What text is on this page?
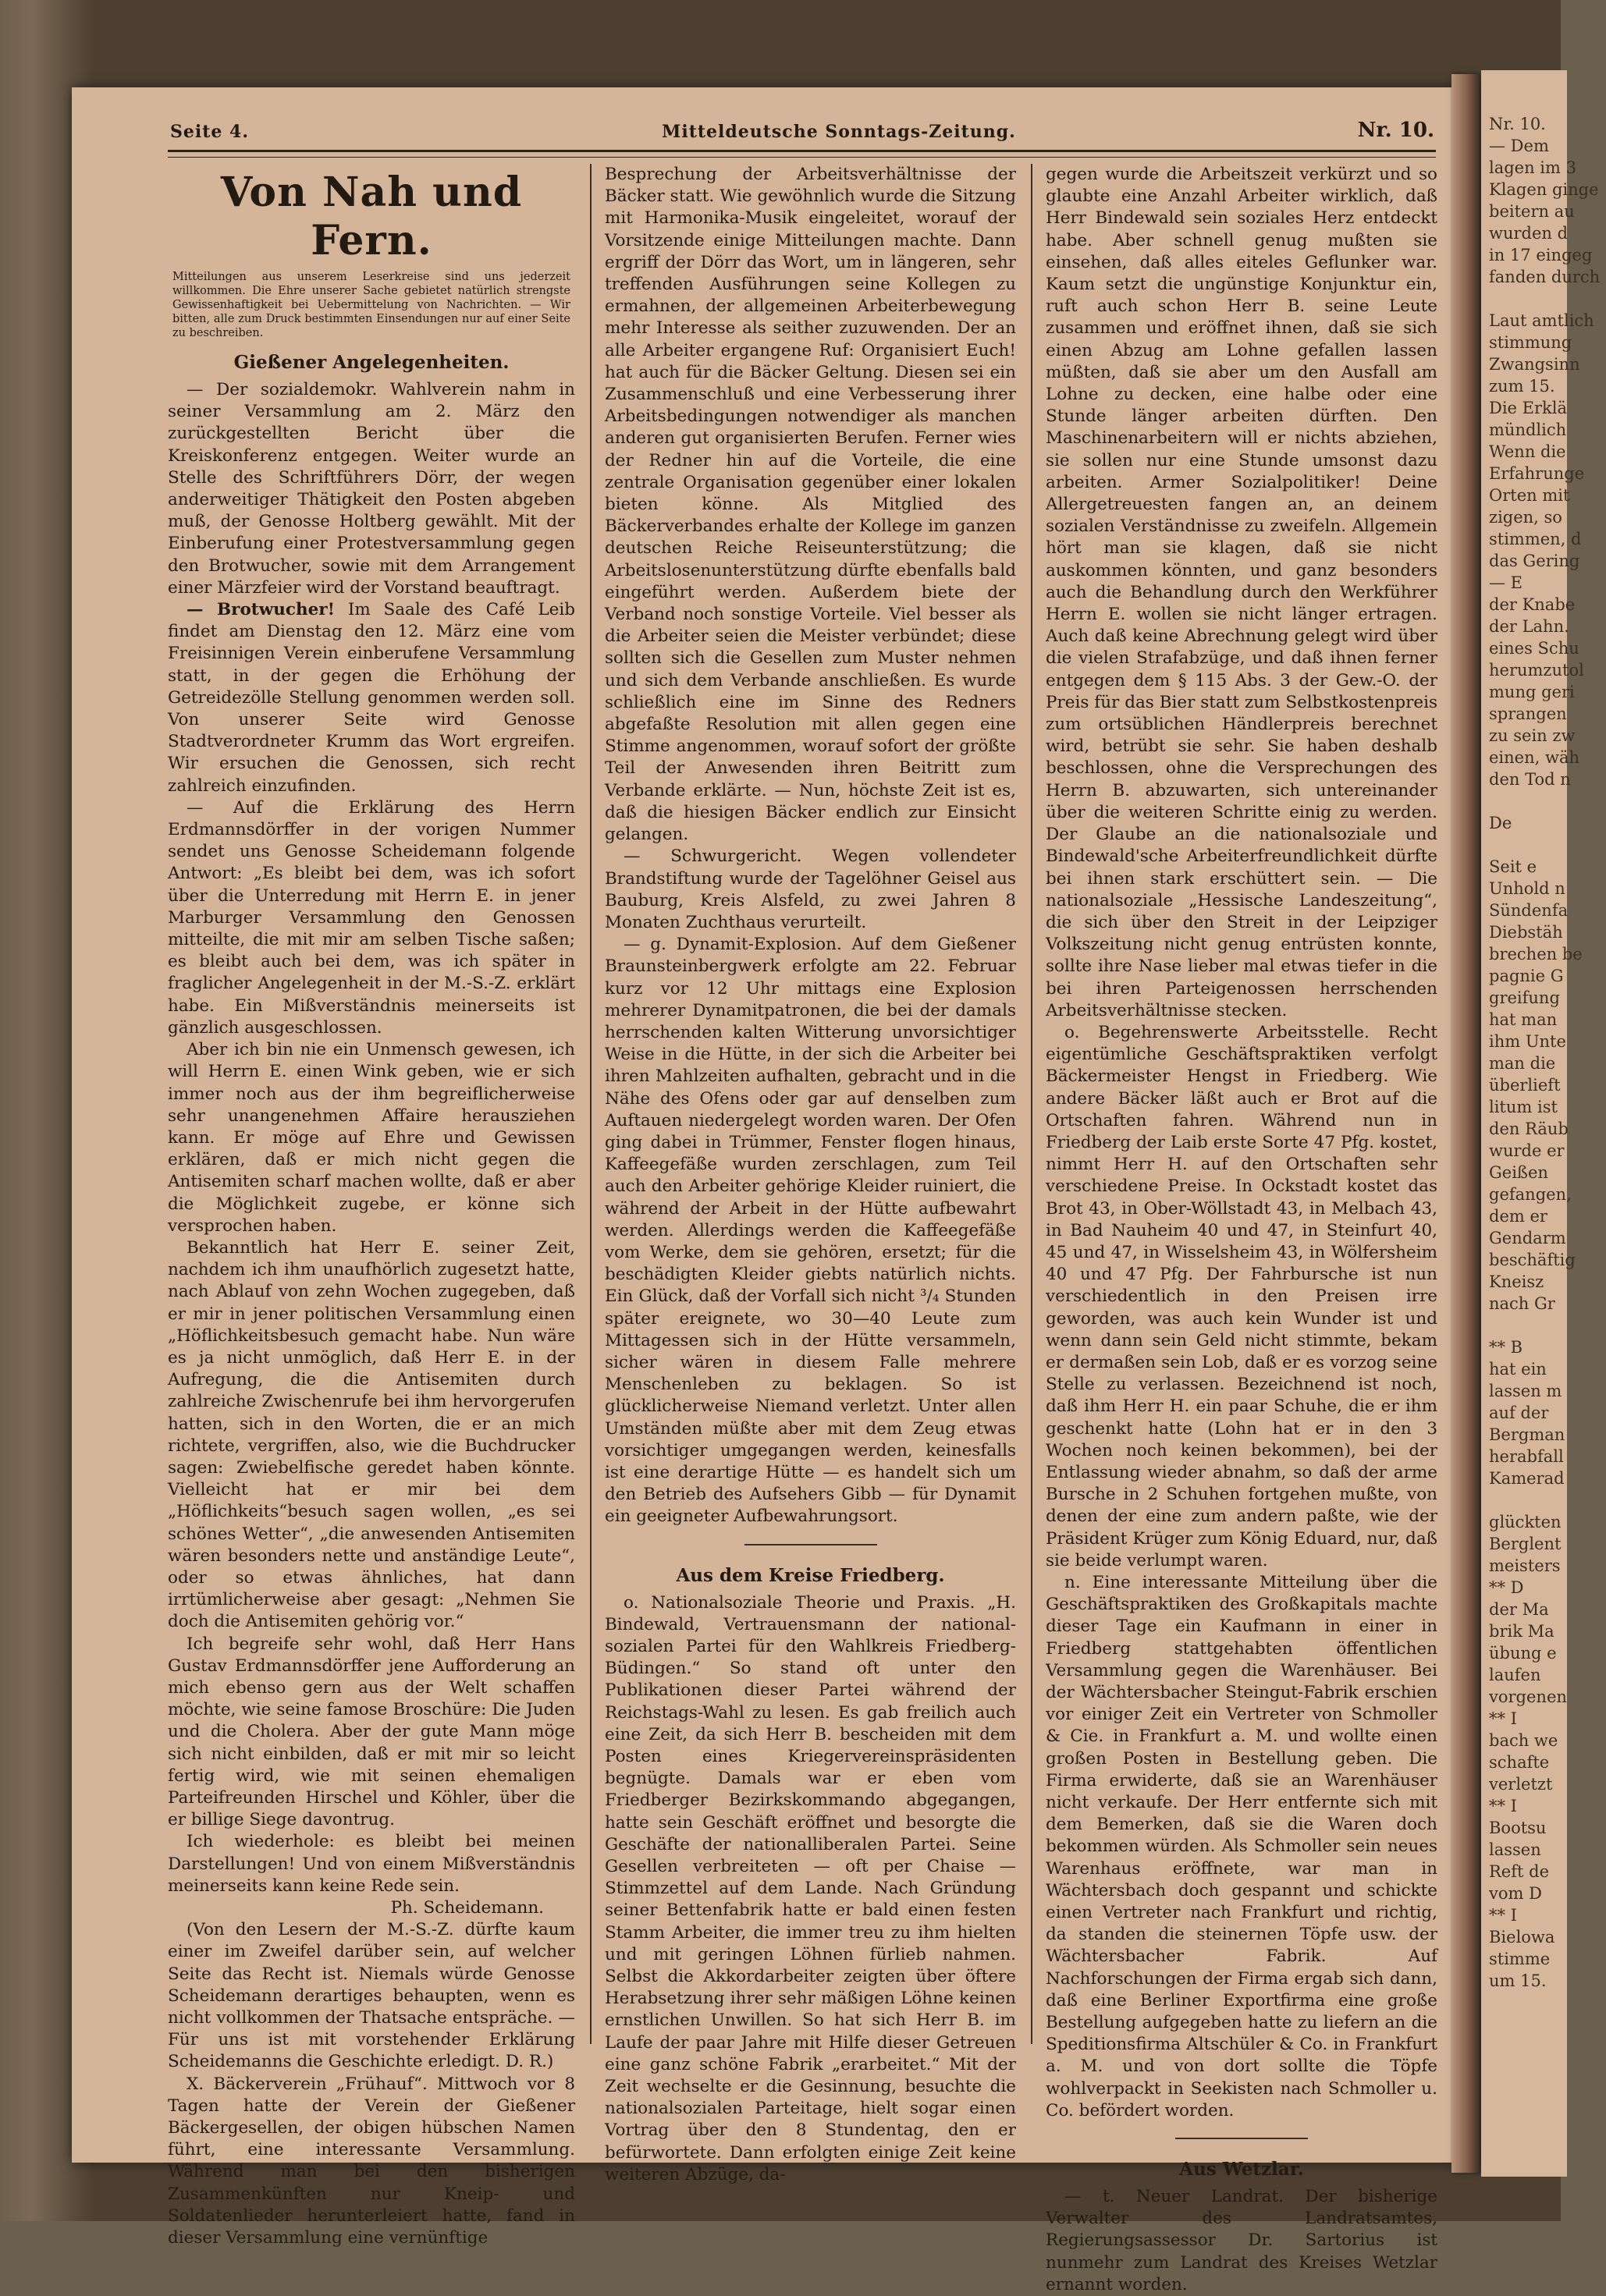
Nr. 10.
— Dem
lagen im 3
Klagen ginge
beitern au
wurden d
in 17 eingeg
fanden durch

Laut amtlich
stimmung
Zwangsinn
zum 15.
Die Erklä
mündlich
Wenn die
Erfahrunge
Orten mit
zigen, so
stimmen, d
das Gering
— E
der Knabe
der Lahn.
eines Schu
herumzutol
mung geri
sprangen
zu sein zw
einen, wäh
den Tod n

De

Seit e
Unhold n
Sündenfa
Diebstäh
brechen be
pagnie G
greifung
hat man
ihm Unte
man die
überlieft
litum ist
den Räub
wurde er
Geißen
gefangen,
dem er
Gendarm
beschäftig
Kneisz
nach Gr

** B
hat ein
lassen m
auf der
Bergman
herabfall
Kamerad

glückten
Berglent
meisters
** D
der Ma
brik Ma
übung e
laufen
vorgenen
** I
bach we
schafte
verletzt
** I
Bootsu
lassen
Reft de
vom D
** I
Bielowa
stimme
um 15.
Seite 4.	Mitteldeutsche Sonntags-Zeitung.	Nr. 10.
Von Nah und Fern.
Mitteilungen aus unserem Leserkreise sind uns jederzeit willkommen. Die Ehre unserer Sache gebietet natürlich strengste Gewissenhaftigkeit bei Uebermittelung von Nachrichten. — Wir bitten, alle zum Druck bestimmten Einsendungen nur auf einer Seite zu beschreiben.
Gießener Angelegenheiten.

— Der sozialdemokr. Wahlverein nahm in seiner Versammlung am 2. März den zurückgestellten Bericht über die Kreiskonferenz entgegen. Weiter wurde an Stelle des Schriftführers Dörr, der wegen anderweitiger Thätigkeit den Posten abgeben muß, der Genosse Holtberg gewählt. Mit der Einberufung einer Protestversammlung gegen den Brotwucher, sowie mit dem Arrangement einer Märzfeier wird der Vorstand beauftragt.

— Brotwucher! Im Saale des Café Leib findet am Dienstag den 12. März eine vom Freisinnigen Verein einberufene Versammlung statt, in der gegen die Erhöhung der Getreidezölle Stellung genommen werden soll. Von unserer Seite wird Genosse Stadtverordneter Krumm das Wort ergreifen. Wir ersuchen die Genossen, sich recht zahlreich einzufinden.

— Auf die Erklärung des Herrn Erdmannsdörffer in der vorigen Nummer sendet uns Genosse Scheidemann folgende Antwort: „Es bleibt bei dem, was ich sofort über die Unterredung mit Herrn E. in jener Marburger Versammlung den Genossen mitteilte, die mit mir am selben Tische saßen; es bleibt auch bei dem, was ich später in fraglicher Angelegenheit in der M.-S.-Z. erklärt habe. Ein Mißverständnis meinerseits ist gänzlich ausgeschlossen.

Aber ich bin nie ein Unmensch gewesen, ich will Herrn E. einen Wink geben, wie er sich immer noch aus der ihm begreiflicherweise sehr unangenehmen Affaire herausziehen kann. Er möge auf Ehre und Gewissen erklären, daß er mich nicht gegen die Antisemiten scharf machen wollte, daß er aber die Möglichkeit zugebe, er könne sich versprochen haben.

Bekanntlich hat Herr E. seiner Zeit, nachdem ich ihm unaufhörlich zugesetzt hatte, nach Ablauf von zehn Wochen zugegeben, daß er mir in jener politischen Versammlung einen „Höflichkeitsbesuch gemacht habe. Nun wäre es ja nicht unmöglich, daß Herr E. in der Aufregung, die die Antisemiten durch zahlreiche Zwischenrufe bei ihm hervorgerufen hatten, sich in den Worten, die er an mich richtete, vergriffen, also, wie die Buchdrucker sagen: Zwiebelfische geredet haben könnte. Vielleicht hat er mir bei dem „Höflichkeits“besuch sagen wollen, „es sei schönes Wetter“, „die anwesenden Antisemiten wären besonders nette und anständige Leute“, oder so etwas ähnliches, hat dann irrtümlicherweise aber gesagt: „Nehmen Sie doch die Antisemiten gehörig vor.“

Ich begreife sehr wohl, daß Herr Hans Gustav Erdmannsdörffer jene Aufforderung an mich ebenso gern aus der Welt schaffen möchte, wie seine famose Broschüre: Die Juden und die Cholera. Aber der gute Mann möge sich nicht einbilden, daß er mit mir so leicht fertig wird, wie mit seinen ehemaligen Parteifreunden Hirschel und Köhler, über die er billige Siege davontrug.

Ich wiederhole: es bleibt bei meinen Darstellungen! Und von einem Mißverständnis meinerseits kann keine Rede sein.

Ph. Scheidemann.

(Von den Lesern der M.-S.-Z. dürfte kaum einer im Zweifel darüber sein, auf welcher Seite das Recht ist. Niemals würde Genosse Scheidemann derartiges behaupten, wenn es nicht vollkommen der Thatsache entspräche. — Für uns ist mit vorstehender Erklärung Scheidemanns die Geschichte erledigt. D. R.)

X. Bäckerverein „Frühauf“. Mittwoch vor 8 Tagen hatte der Verein der Gießener Bäckergesellen, der obigen hübschen Namen führt, eine interessante Versammlung. Während man bei den bisherigen Zusammenkünften nur Kneip- und Soldatenlieder herunterleiert hatte, fand in dieser Versammlung eine vernünftige

Besprechung der Arbeitsverhältnisse der Bäcker statt. Wie gewöhnlich wurde die Sitzung mit Harmonika-Musik eingeleitet, worauf der Vorsitzende einige Mitteilungen machte. Dann ergriff der Dörr das Wort, um in längeren, sehr treffenden Ausführungen seine Kollegen zu ermahnen, der allgemeinen Arbeiterbewegung mehr Interesse als seither zuzuwenden. Der an alle Arbeiter ergangene Ruf: Organisiert Euch! hat auch für die Bäcker Geltung. Diesen sei ein Zusammenschluß und eine Verbesserung ihrer Arbeitsbedingungen notwendiger als manchen anderen gut organisierten Berufen. Ferner wies der Redner hin auf die Vorteile, die eine zentrale Organisation gegenüber einer lokalen bieten könne. Als Mitglied des Bäckerverbandes erhalte der Kollege im ganzen deutschen Reiche Reiseunterstützung; die Arbeitslosenunterstützung dürfte ebenfalls bald eingeführt werden. Außerdem biete der Verband noch sonstige Vorteile. Viel besser als die Arbeiter seien die Meister verbündet; diese sollten sich die Gesellen zum Muster nehmen und sich dem Verbande anschließen. Es wurde schließlich eine im Sinne des Redners abgefaßte Resolution mit allen gegen eine Stimme angenommen, worauf sofort der größte Teil der Anwesenden ihren Beitritt zum Verbande erklärte. — Nun, höchste Zeit ist es, daß die hiesigen Bäcker endlich zur Einsicht gelangen.

— Schwurgericht. Wegen vollendeter Brandstiftung wurde der Tagelöhner Geisel aus Bauburg, Kreis Alsfeld, zu zwei Jahren 8 Monaten Zuchthaus verurteilt.

— g. Dynamit-Explosion. Auf dem Gießener Braunsteinbergwerk erfolgte am 22. Februar kurz vor 12 Uhr mittags eine Explosion mehrerer Dynamitpatronen, die bei der damals herrschenden kalten Witterung unvorsichtiger Weise in die Hütte, in der sich die Arbeiter bei ihren Mahlzeiten aufhalten, gebracht und in die Nähe des Ofens oder gar auf denselben zum Auftauen niedergelegt worden waren. Der Ofen ging dabei in Trümmer, Fenster flogen hinaus, Kaffeegefäße wurden zerschlagen, zum Teil auch den Arbeiter gehörige Kleider ruiniert, die während der Arbeit in der Hütte aufbewahrt werden. Allerdings werden die Kaffeegefäße vom Werke, dem sie gehören, ersetzt; für die beschädigten Kleider giebts natürlich nichts. Ein Glück, daß der Vorfall sich nicht ³/₄ Stunden später ereignete, wo 30—40 Leute zum Mittagessen sich in der Hütte versammeln, sicher wären in diesem Falle mehrere Menschenleben zu beklagen. So ist glücklicherweise Niemand verletzt. Unter allen Umständen müßte aber mit dem Zeug etwas vorsichtiger umgegangen werden, keinesfalls ist eine derartige Hütte — es handelt sich um den Betrieb des Aufsehers Gibb — für Dynamit ein geeigneter Aufbewahrungsort.

Aus dem Kreise Friedberg.

o. Nationalsoziale Theorie und Praxis. „H. Bindewald, Vertrauensmann der national-sozialen Partei für den Wahlkreis Friedberg-Büdingen.“ So stand oft unter den Publikationen dieser Partei während der Reichstags-Wahl zu lesen. Es gab freilich auch eine Zeit, da sich Herr B. bescheiden mit dem Posten eines Kriegervereinspräsidenten begnügte. Damals war er eben vom Friedberger Bezirkskommando abgegangen, hatte sein Geschäft eröffnet und besorgte die Geschäfte der nationalliberalen Partei. Seine Gesellen verbreiteten — oft per Chaise — Stimmzettel auf dem Lande. Nach Gründung seiner Bettenfabrik hatte er bald einen festen Stamm Arbeiter, die immer treu zu ihm hielten und mit geringen Löhnen fürlieb nahmen. Selbst die Akkordarbeiter zeigten über öftere Herabsetzung ihrer sehr mäßigen Löhne keinen ernstlichen Unwillen. So hat sich Herr B. im Laufe der paar Jahre mit Hilfe dieser Getreuen eine ganz schöne Fabrik „erarbeitet.“ Mit der Zeit wechselte er die Gesinnung, besuchte die nationalsozialen Parteitage, hielt sogar einen Vortrag über den 8 Stundentag, den er befürwortete. Dann erfolgten einige Zeit keine weiteren Abzüge, da-

gegen wurde die Arbeitszeit verkürzt und so glaubte eine Anzahl Arbeiter wirklich, daß Herr Bindewald sein soziales Herz entdeckt habe. Aber schnell genug mußten sie einsehen, daß alles eiteles Geflunker war. Kaum setzt die ungünstige Konjunktur ein, ruft auch schon Herr B. seine Leute zusammen und eröffnet ihnen, daß sie sich einen Abzug am Lohne gefallen lassen müßten, daß sie aber um den Ausfall am Lohne zu decken, eine halbe oder eine Stunde länger arbeiten dürften. Den Maschinenarbeitern will er nichts abziehen, sie sollen nur eine Stunde umsonst dazu arbeiten. Armer Sozialpolitiker! Deine Allergetreuesten fangen an, an deinem sozialen Verständnisse zu zweifeln. Allgemein hört man sie klagen, daß sie nicht auskommen könnten, und ganz besonders auch die Behandlung durch den Werkführer Herrn E. wollen sie nicht länger ertragen. Auch daß keine Abrechnung gelegt wird über die vielen Strafabzüge, und daß ihnen ferner entgegen dem § 115 Abs. 3 der Gew.-O. der Preis für das Bier statt zum Selbstkostenpreis zum ortsüblichen Händlerpreis berechnet wird, betrübt sie sehr. Sie haben deshalb beschlossen, ohne die Versprechungen des Herrn B. abzuwarten, sich untereinander über die weiteren Schritte einig zu werden. Der Glaube an die nationalsoziale und Bindewald'sche Arbeiterfreundlichkeit dürfte bei ihnen stark erschüttert sein. — Die nationalsoziale „Hessische Landeszeitung“, die sich über den Streit in der Leipziger Volkszeitung nicht genug entrüsten konnte, sollte ihre Nase lieber mal etwas tiefer in die bei ihren Parteigenossen herrschenden Arbeitsverhältnisse stecken.

o. Begehrenswerte Arbeitsstelle. Recht eigentümliche Geschäftspraktiken verfolgt Bäckermeister Hengst in Friedberg. Wie andere Bäcker läßt auch er Brot auf die Ortschaften fahren. Während nun in Friedberg der Laib erste Sorte 47 Pfg. kostet, nimmt Herr H. auf den Ortschaften sehr verschiedene Preise. In Ockstadt kostet das Brot 43, in Ober-Wöllstadt 43, in Melbach 43, in Bad Nauheim 40 und 47, in Steinfurt 40, 45 und 47, in Wisselsheim 43, in Wölfersheim 40 und 47 Pfg. Der Fahrbursche ist nun verschiedentlich in den Preisen irre geworden, was auch kein Wunder ist und wenn dann sein Geld nicht stimmte, bekam er dermaßen sein Lob, daß er es vorzog seine Stelle zu verlassen. Bezeichnend ist noch, daß ihm Herr H. ein paar Schuhe, die er ihm geschenkt hatte (Lohn hat er in den 3 Wochen noch keinen bekommen), bei der Entlassung wieder abnahm, so daß der arme Bursche in 2 Schuhen fortgehen mußte, von denen der eine zum andern paßte, wie der Präsident Krüger zum König Eduard, nur, daß sie beide verlumpt waren.

n. Eine interessante Mitteilung über die Geschäftspraktiken des Großkapitals machte dieser Tage ein Kaufmann in einer in Friedberg stattgehabten öffentlichen Versammlung gegen die Warenhäuser. Bei der Wächtersbacher Steingut-Fabrik erschien vor einiger Zeit ein Vertreter von Schmoller & Cie. in Frankfurt a. M. und wollte einen großen Posten in Bestellung geben. Die Firma erwiderte, daß sie an Warenhäuser nicht verkaufe. Der Herr entfernte sich mit dem Bemerken, daß sie die Waren doch bekommen würden. Als Schmoller sein neues Warenhaus eröffnete, war man in Wächtersbach doch gespannt und schickte einen Vertreter nach Frankfurt und richtig, da standen die steinernen Töpfe usw. der Wächtersbacher Fabrik. Auf Nachforschungen der Firma ergab sich dann, daß eine Berliner Exportfirma eine große Bestellung aufgegeben hatte zu liefern an die Speditionsfirma Altschüler & Co. in Frankfurt a. M. und von dort sollte die Töpfe wohlverpackt in Seekisten nach Schmoller u. Co. befördert worden.

Aus Wetzlar.

— t. Neuer Landrat. Der bisherige Verwalter des Landratsamtes, Regierungsassessor Dr. Sartorius ist nunmehr zum Landrat des Kreises Wetzlar ernannt worden.
